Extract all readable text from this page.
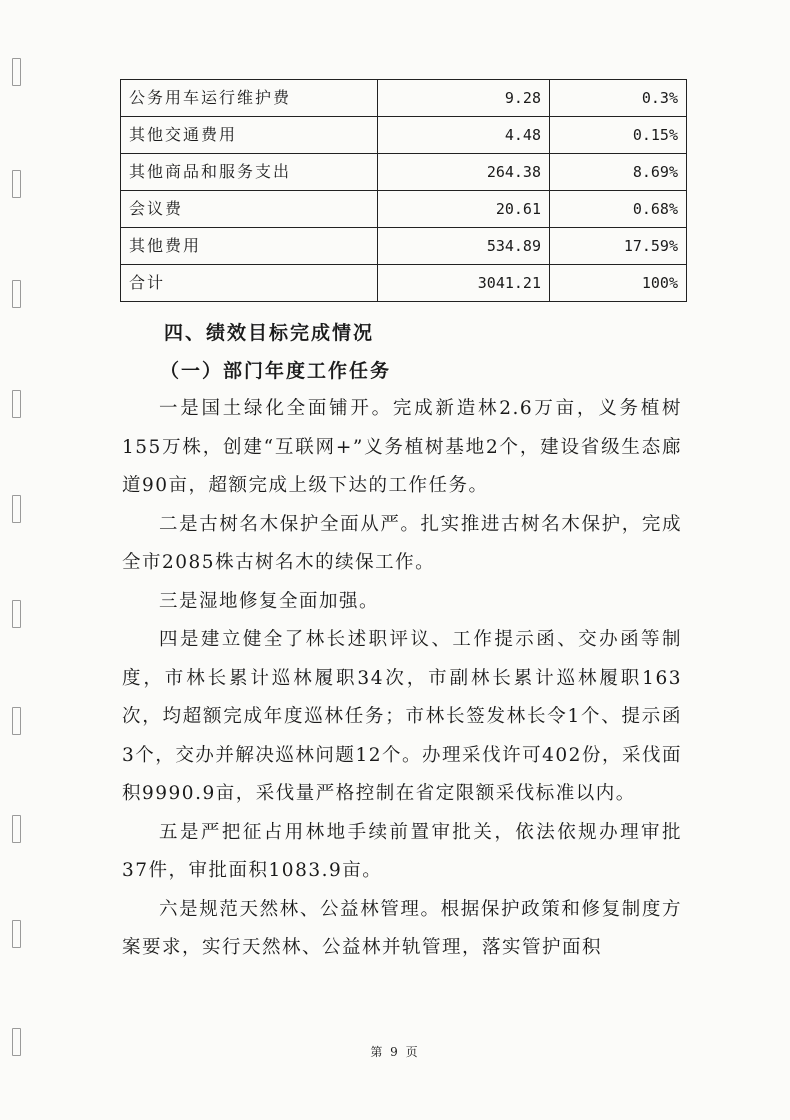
公务用车运行维护费	9.28	0.3%
其他交通费用	4.48	0.15%
其他商品和服务支出	264.38	8.69%
会议费	20.61	0.68%
其他费用	534.89	17.59%
合计	3041.21	100%
四、绩效目标完成情况
（一）部门年度工作任务

一是国土绿化全面铺开。完成新造林2.6万亩，义务植树155万株，创建“互联网+”义务植树基地2个，建设省级生态廊道90亩，超额完成上级下达的工作任务。

二是古树名木保护全面从严。扎实推进古树名木保护，完成全市2085株古树名木的续保工作。

三是湿地修复全面加强。

四是建立健全了林长述职评议、工作提示函、交办函等制度，市林长累计巡林履职34次，市副林长累计巡林履职163次，均超额完成年度巡林任务；市林长签发林长令1个、提示函3个，交办并解决巡林问题12个。办理采伐许可402份，采伐面积9990.9亩，采伐量严格控制在省定限额采伐标准以内。

五是严把征占用林地手续前置审批关，依法依规办理审批37件，审批面积1083.9亩。

六是规范天然林、公益林管理。根据保护政策和修复制度方案要求，实行天然林、公益林并轨管理，落实管护面积

第 9 页
